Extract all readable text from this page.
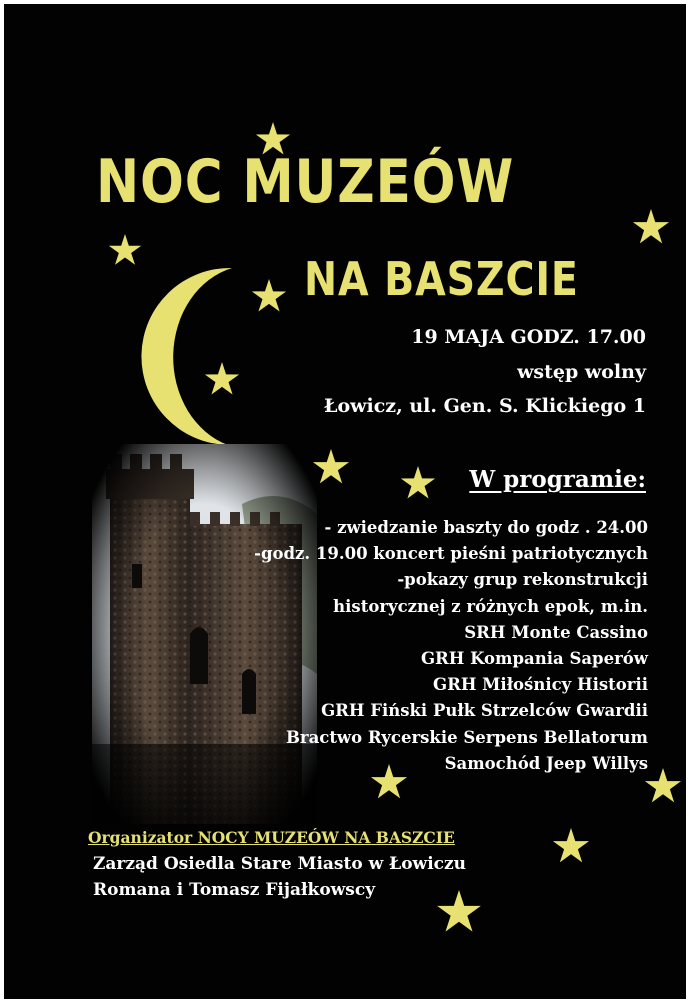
NOC MUZEÓW
NA BASZCIE
19 MAJA GODZ. 17.00
wstęp wolny
Łowicz, ul. Gen. S. Klickiego 1
W programie:
- zwiedzanie baszty do godz . 24.00
-godz. 19.00 koncert pieśni patriotycznych
-pokazy grup rekonstrukcji
historycznej z różnych epok, m.in.
SRH Monte Cassino
GRH Kompania Saperów
GRH Miłośnicy Historii
GRH Fiński Pułk Strzelców Gwardii
Bractwo Rycerskie Serpens Bellatorum
Samochód Jeep Willys
Organizator NOCY MUZEÓW NA BASZCIE
Zarząd Osiedla Stare Miasto w Łowiczu
Romana i Tomasz Fijałkowscy
